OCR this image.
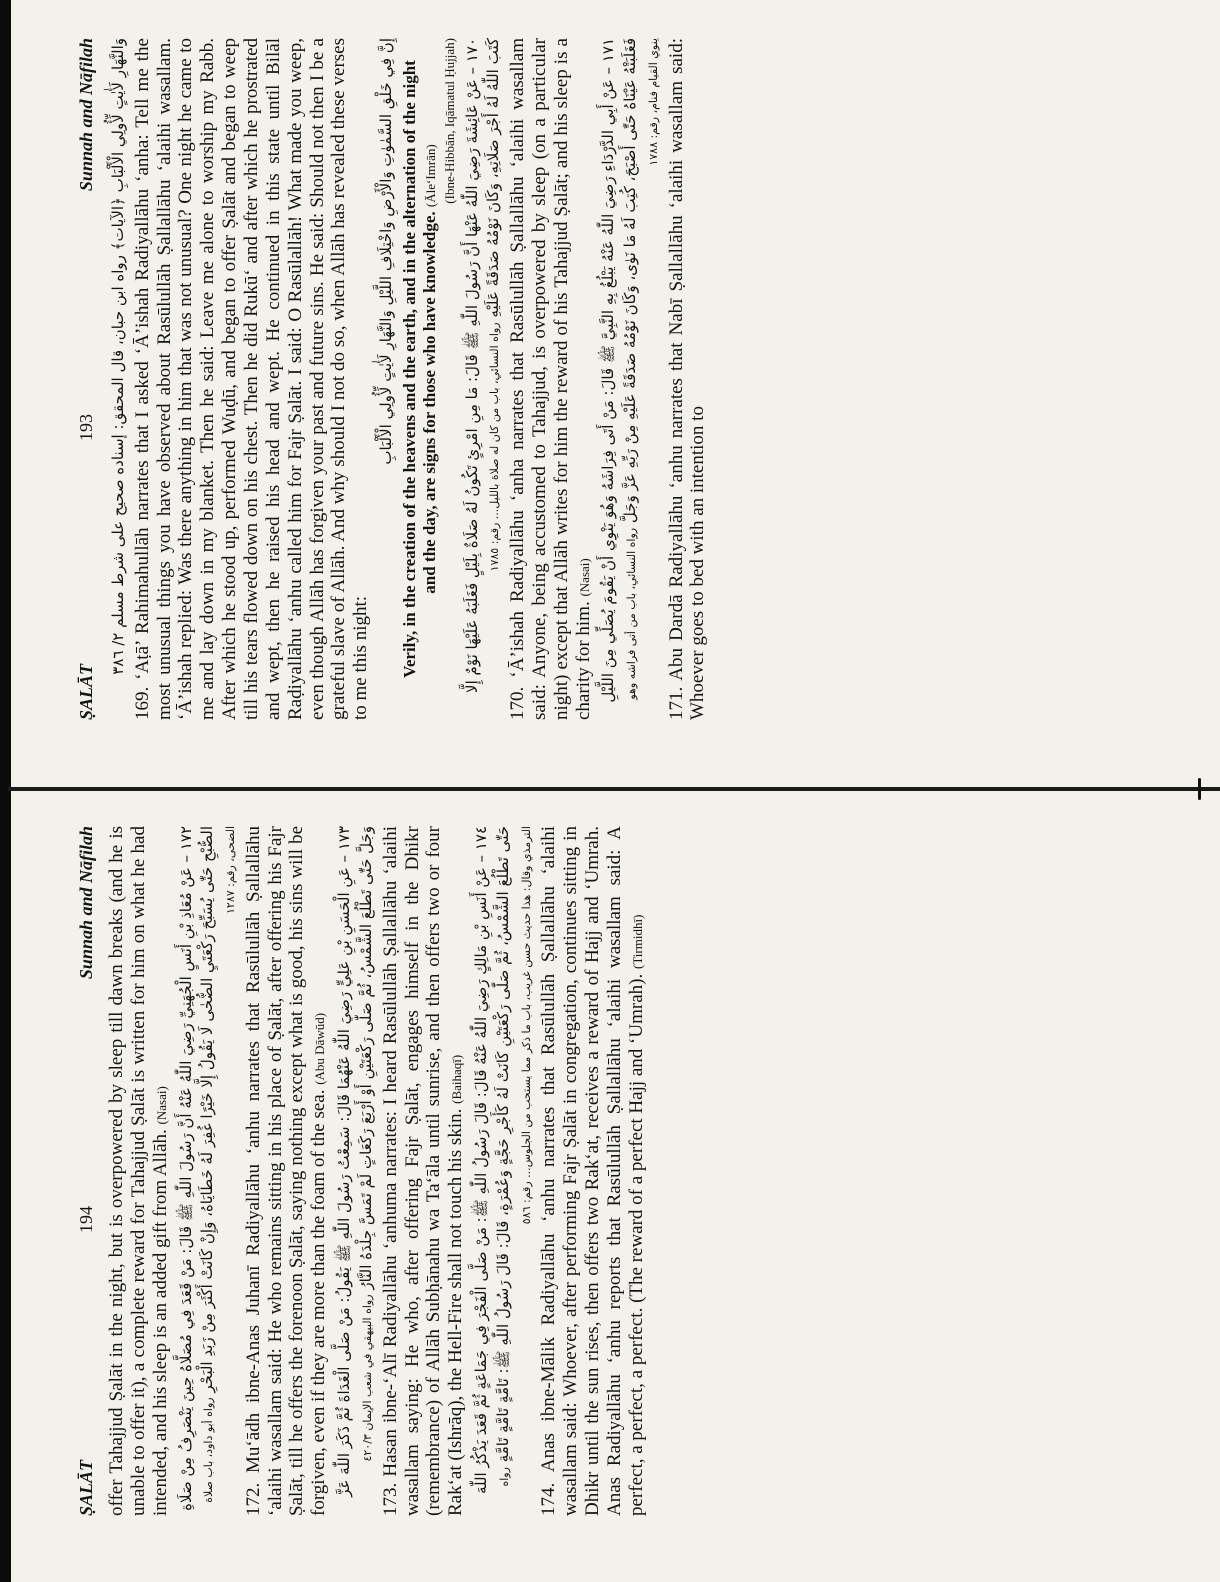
ṢALĀT
193
Sunnah and Nāfilah
وَالنَّهَارِ لَأٰيٰتٍ لِّأُولِي الْأَلْبَابِ ﴿الآيات﴾ رواه ابن حبان، قال المحقق: إسناده صحيح على شرط مسلم ٢/ ٣٨٦ 169. ‘Aṭā’ Rahimahullāh narrates that I asked ‘Ā’ishah Radiyallāhu ‘anha: Tell me the most unusual things you have observed about Rasūlullāh Ṣallallāhu ‘alaihi wasallam. ‘Ā’ishah replied: Was there anything in him that was not unusual? One night he came to me and lay down in my blanket. Then he said: Leave me alone to worship my Rabb. After which he stood up, performed Wuḍū, and began to offer Ṣalāt and began to weep till his tears flowed down on his chest. Then he did Rukū‘ and after which he prostrated and wept, then he raised his head and wept. He continued in this state until Bilāl Raḍiyallāhu ‘anhu called him for Fajr Ṣalāt. I said: O Rasūlallāh! What made you weep, even though Allāh has forgiven your past and future sins. He said: Should not then I be a grateful slave of Allāh. And why should I not do so, when Allāh has revealed these verses to me this night:

إِنَّ فِي خَلْقِ السَّمٰوٰتِ وَالْأَرْضِ وَاخْتِلَافِ اللَّيْلِ وَالنَّهَارِ لَأٰيٰتٍ لِّأُولِي الْأَلْبَابِ Verily, in the creation of the heavens and the earth, and in the alternation of the night and the day, are signs for those who have knowledge. (Āle‘Imrān) (Ibne-Hibbān, Iqāmatul Ḥujjah) ١٧٠ – عَنْ عَائِشَةَ رَضِيَ اللّٰهُ عَنْهَا أَنَّ رَسُولَ اللّٰهِ ﷺ قَالَ: مَا مِنِ امْرِئٍ تَكُونُ لَهُ صَلَاةٌ بِلَيْلٍ فَغَلَبَهُ عَلَيْهَا نَوْمٌ إِلَّا كَتَبَ اللّٰهُ لَهُ أَجْرَ صَلَاتِهِ، وَكَانَ نَوْمُهُ صَدَقَةً عَلَيْهِ رواه النسائي، باب من كان له صلاة بالليل... رقم: ١٧٨٥ 170. ‘Ā’ishah Radiyallāhu ‘anha narrates that Rasūlullāh Ṣallallāhu ‘alaihi wasallam said: Anyone, being accustomed to Tahajjud, is overpowered by sleep (on a particular night) except that Allāh writes for him the reward of his Tahajjud Ṣalāt; and his sleep is a charity for him. (Nasai) ١٧١ – عَنْ أَبِي الدَّرْدَاءِ رَضِيَ اللّٰهُ عَنْهُ يَبْلُغُ بِهِ النَّبِيَّ ﷺ قَالَ: مَنْ أَتَى فِرَاشَهُ وَهُوَ يَنْوِي أَنْ يَقُومَ يُصَلِّي مِنَ اللَّيْلِ فَغَلَبَتْهُ عَيْنَاهُ حَتّٰى أَصْبَحَ، كُتِبَ لَهُ مَا نَوٰى، وَكَانَ نَوْمُهُ صَدَقَةً عَلَيْهِ مِنْ رَبِّهِ عَزَّ وَجَلَّ رواه النسائي، باب من أتى فراشه وهو ينوي القيام فنام، رقم: ١٧٨٨ 171. Abu Dardā Radiyallāhu ‘anhu narrates that Nabī Ṣallallāhu ‘alaihi wasallam said: Whoever goes to bed with an intention to

ṢALĀT
194
Sunnah and Nāfilah offer Tahajjud Ṣalāt in the night, but is overpowered by sleep till dawn breaks (and he is unable to offer it), a complete reward for Tahajjud Ṣalāt is written for him on what he had intended, and his sleep is an added gift from Allāh. (Nasai) ١٧٢ – عَنْ مُعَاذِ بْنِ أَنَسٍ الْجُهَنِيِّ رَضِيَ اللّٰهُ عَنْهُ أَنَّ رَسُولَ اللّٰهِ ﷺ قَالَ: مَنْ قَعَدَ فِي مُصَلَّاهُ حِينَ يَنْصَرِفُ مِنْ صَلَاةِ الصُّبْحِ حَتّٰى يُسَبِّحَ رَكْعَتَيِ الضُّحٰى لَا يَقُولُ إِلَّا خَيْرًا غُفِرَ لَهُ خَطَايَاهُ، وَإِنْ كَانَتْ أَكْثَرَ مِنْ زَبَدِ الْبَحْرِ رواه أبو داود، باب صلاة الضحى، رقم: ١٢٨٧ 172. Mu‘ādh ibne-Anas Juhanī Radiyallāhu ‘anhu narrates that Rasūlullāh Ṣallallāhu ‘alaihi wasallam said: He who remains sitting in his place of Ṣalāt, after offering his Fajr Ṣalāt, till he offers the forenoon Ṣalāt, saying nothing except what is good, his sins will be forgiven, even if they are more than the foam of the sea. (Abu Dāwūd) ١٧٣ – عَنِ الْحَسَنِ بْنِ عَلِيٍّ رَضِيَ اللّٰهُ عَنْهُمَا قَالَ: سَمِعْتُ رَسُولَ اللّٰهِ ﷺ يَقُولُ: مَنْ صَلَّى الْغَدَاةَ ثُمَّ ذَكَرَ اللّٰهَ عَزَّ وَجَلَّ حَتّٰى تَطْلُعَ الشَّمْسُ، ثُمَّ صَلّٰى رَكْعَتَيْنِ أَوْ أَرْبَعَ رَكَعَاتٍ لَمْ تَمَسَّ جِلْدَهُ النَّارُ رواه البيهقي في شعب الإيمان ٤٢٠/٣ 173. Hasan ibne-‘Alī Radiyallāhu ‘anhuma narrates: I heard Rasūlullāh Ṣallallāhu ‘alaihi wasallam saying: He who, after offering Fajr Ṣalāt, engages himself in the Dhikr (remembrance) of Allāh Subḥānahu wa Ta‘āla until sunrise, and then offers two or four Rak‘at (Ishrāq), the Hell-Fire shall not touch his skin. (Baihaqī) ١٧٤ – عَنْ أَنَسِ بْنِ مَالِكٍ رَضِيَ اللّٰهُ عَنْهُ قَالَ: قَالَ رَسُولُ اللّٰهِ ﷺ: مَنْ صَلَّى الْفَجْرَ فِي جَمَاعَةٍ ثُمَّ قَعَدَ يَذْكُرُ اللّٰهَ حَتّٰى تَطْلُعَ الشَّمْسُ، ثُمَّ صَلّٰى رَكْعَتَيْنِ كَانَتْ لَهُ كَأَجْرِ حَجَّةٍ وَعُمْرَةٍ، قَالَ: قَالَ رَسُولُ اللّٰهِ ﷺ: تَامَّةٍ تَامَّةٍ تَامَّةٍ رواه الترمذي وقال: هذا حديث حسن غريب، باب ما ذكر مما يستحب من الجلوس... رقم: ٥٨٦ 174. Anas ibne-Mālik Radiyallāhu ‘anhu narrates that Rasūlullāh Ṣallallāhu ‘alaihi wasallam said: Whoever, after performing Fajr Ṣalāt in congregation, continues sitting in Dhikr until the sun rises, then offers two Rak‘at, receives a reward of Hajj and ‘Umrah. Anas Radiyallāhu ‘anhu reports that Rasūlullāh Ṣallallāhu ‘alaihi wasallam said: A perfect, a perfect, a perfect. (The reward of a perfect Hajj and ‘Umrah). (Tirmidhī)
